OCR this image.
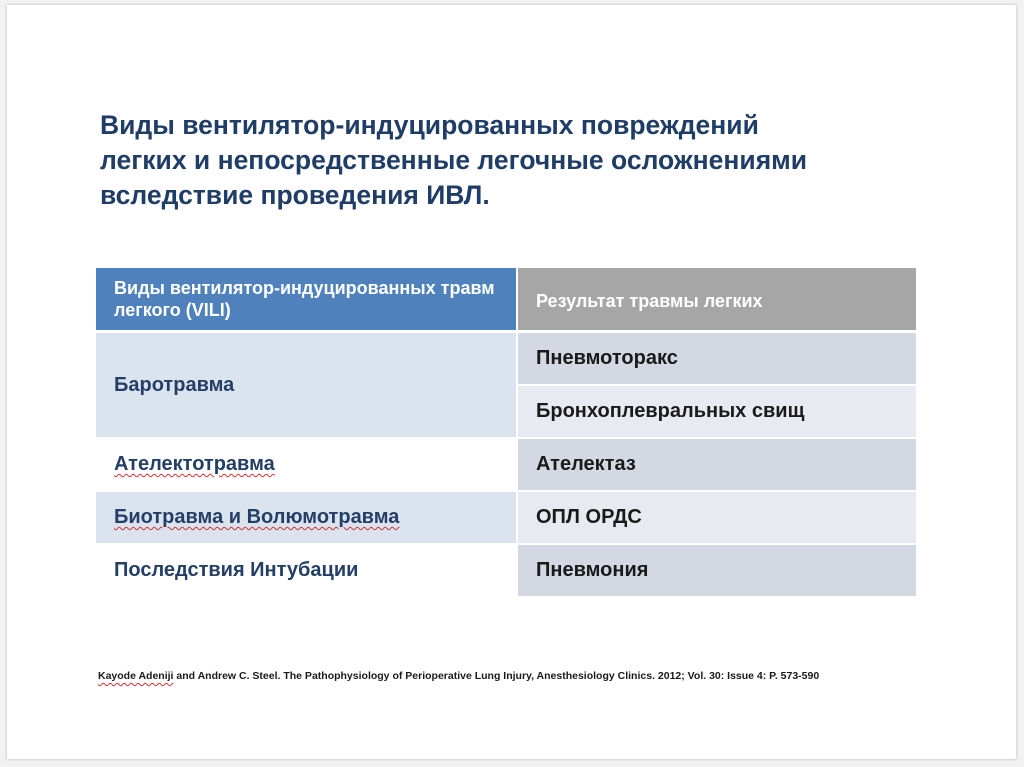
Виды вентилятор-индуцированных повреждений
легких и непосредственные легочные осложнениями
вследствие проведения ИВЛ.
Виды вентилятор-индуцированных травм легкого (VILI)	Результат травмы легких
Баротравма	Пневмоторакс
	Бронхоплевральных свищ
Ателектотравма	Ателектаз
Биотравма и Волюмотравма	ОПЛ ОРДС
Последствия Интубации	Пневмония

Kayode Adeniji and Andrew C. Steel. The Pathophysiology of Perioperative Lung Injury, Anesthesiology Clinics. 2012; Vol. 30: Issue 4: P. 573-590
